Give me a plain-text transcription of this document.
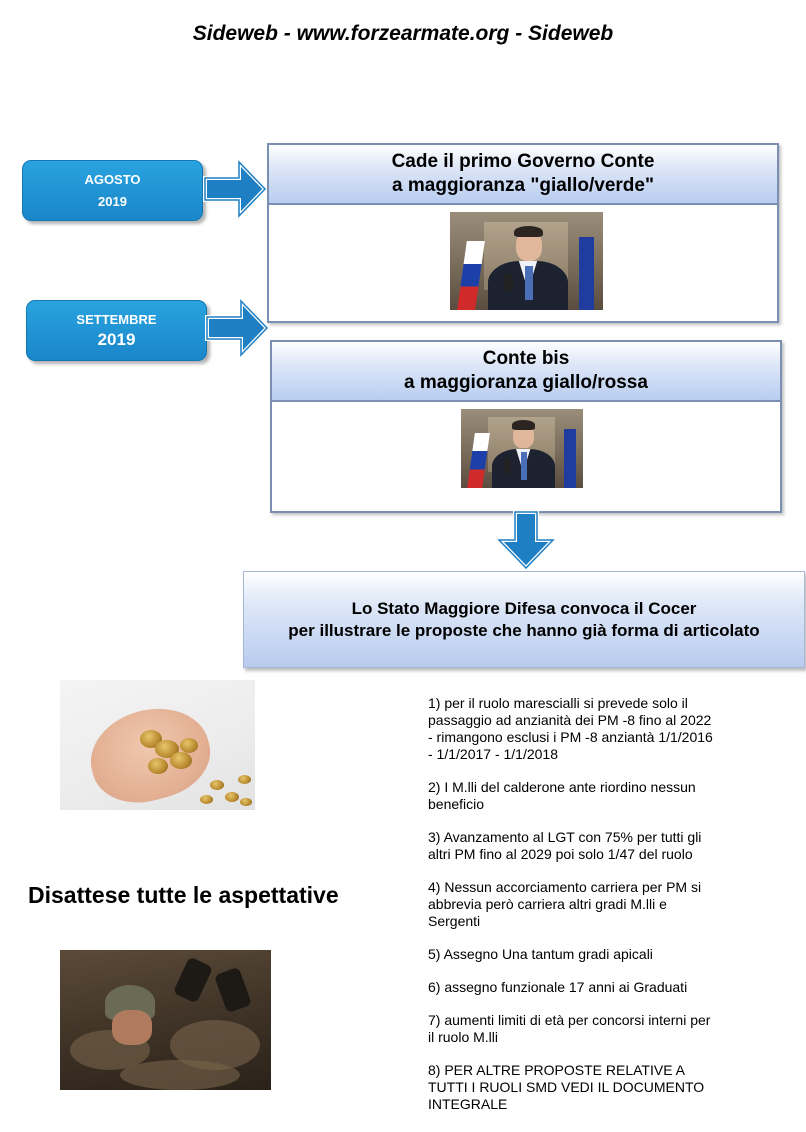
Sideweb - www.forzearmate.org - Sideweb
AGOSTO
2019
Cade il primo Governo Conte
a maggioranza "giallo/verde"
SETTEMBRE
2019
Conte bis
a maggioranza giallo/rossa
Lo Stato Maggiore Difesa convoca il Cocer
per illustrare le proposte che hanno già forma di articolato
Disattese tutte le aspettative

1) per il ruolo marescialli si prevede solo il
passaggio ad anzianità dei PM -8 fino al 2022
- rimangono esclusi i PM -8 anziantà 1/1/2016
- 1/1/2017 - 1/1/2018

2) I M.lli del calderone ante riordino nessun
beneficio

3) Avanzamento al LGT con 75% per tutti gli
altri PM fino al 2029 poi solo 1/47 del ruolo

4) Nessun accorciamento carriera per PM si
abbrevia però carriera altri gradi M.lli e
Sergenti

5) Assegno Una tantum gradi apicali

6) assegno funzionale 17 anni ai Graduati

7) aumenti limiti di età per concorsi interni per
il ruolo M.lli

8) PER ALTRE PROPOSTE RELATIVE A
TUTTI I RUOLI SMD VEDI IL DOCUMENTO
INTEGRALE
